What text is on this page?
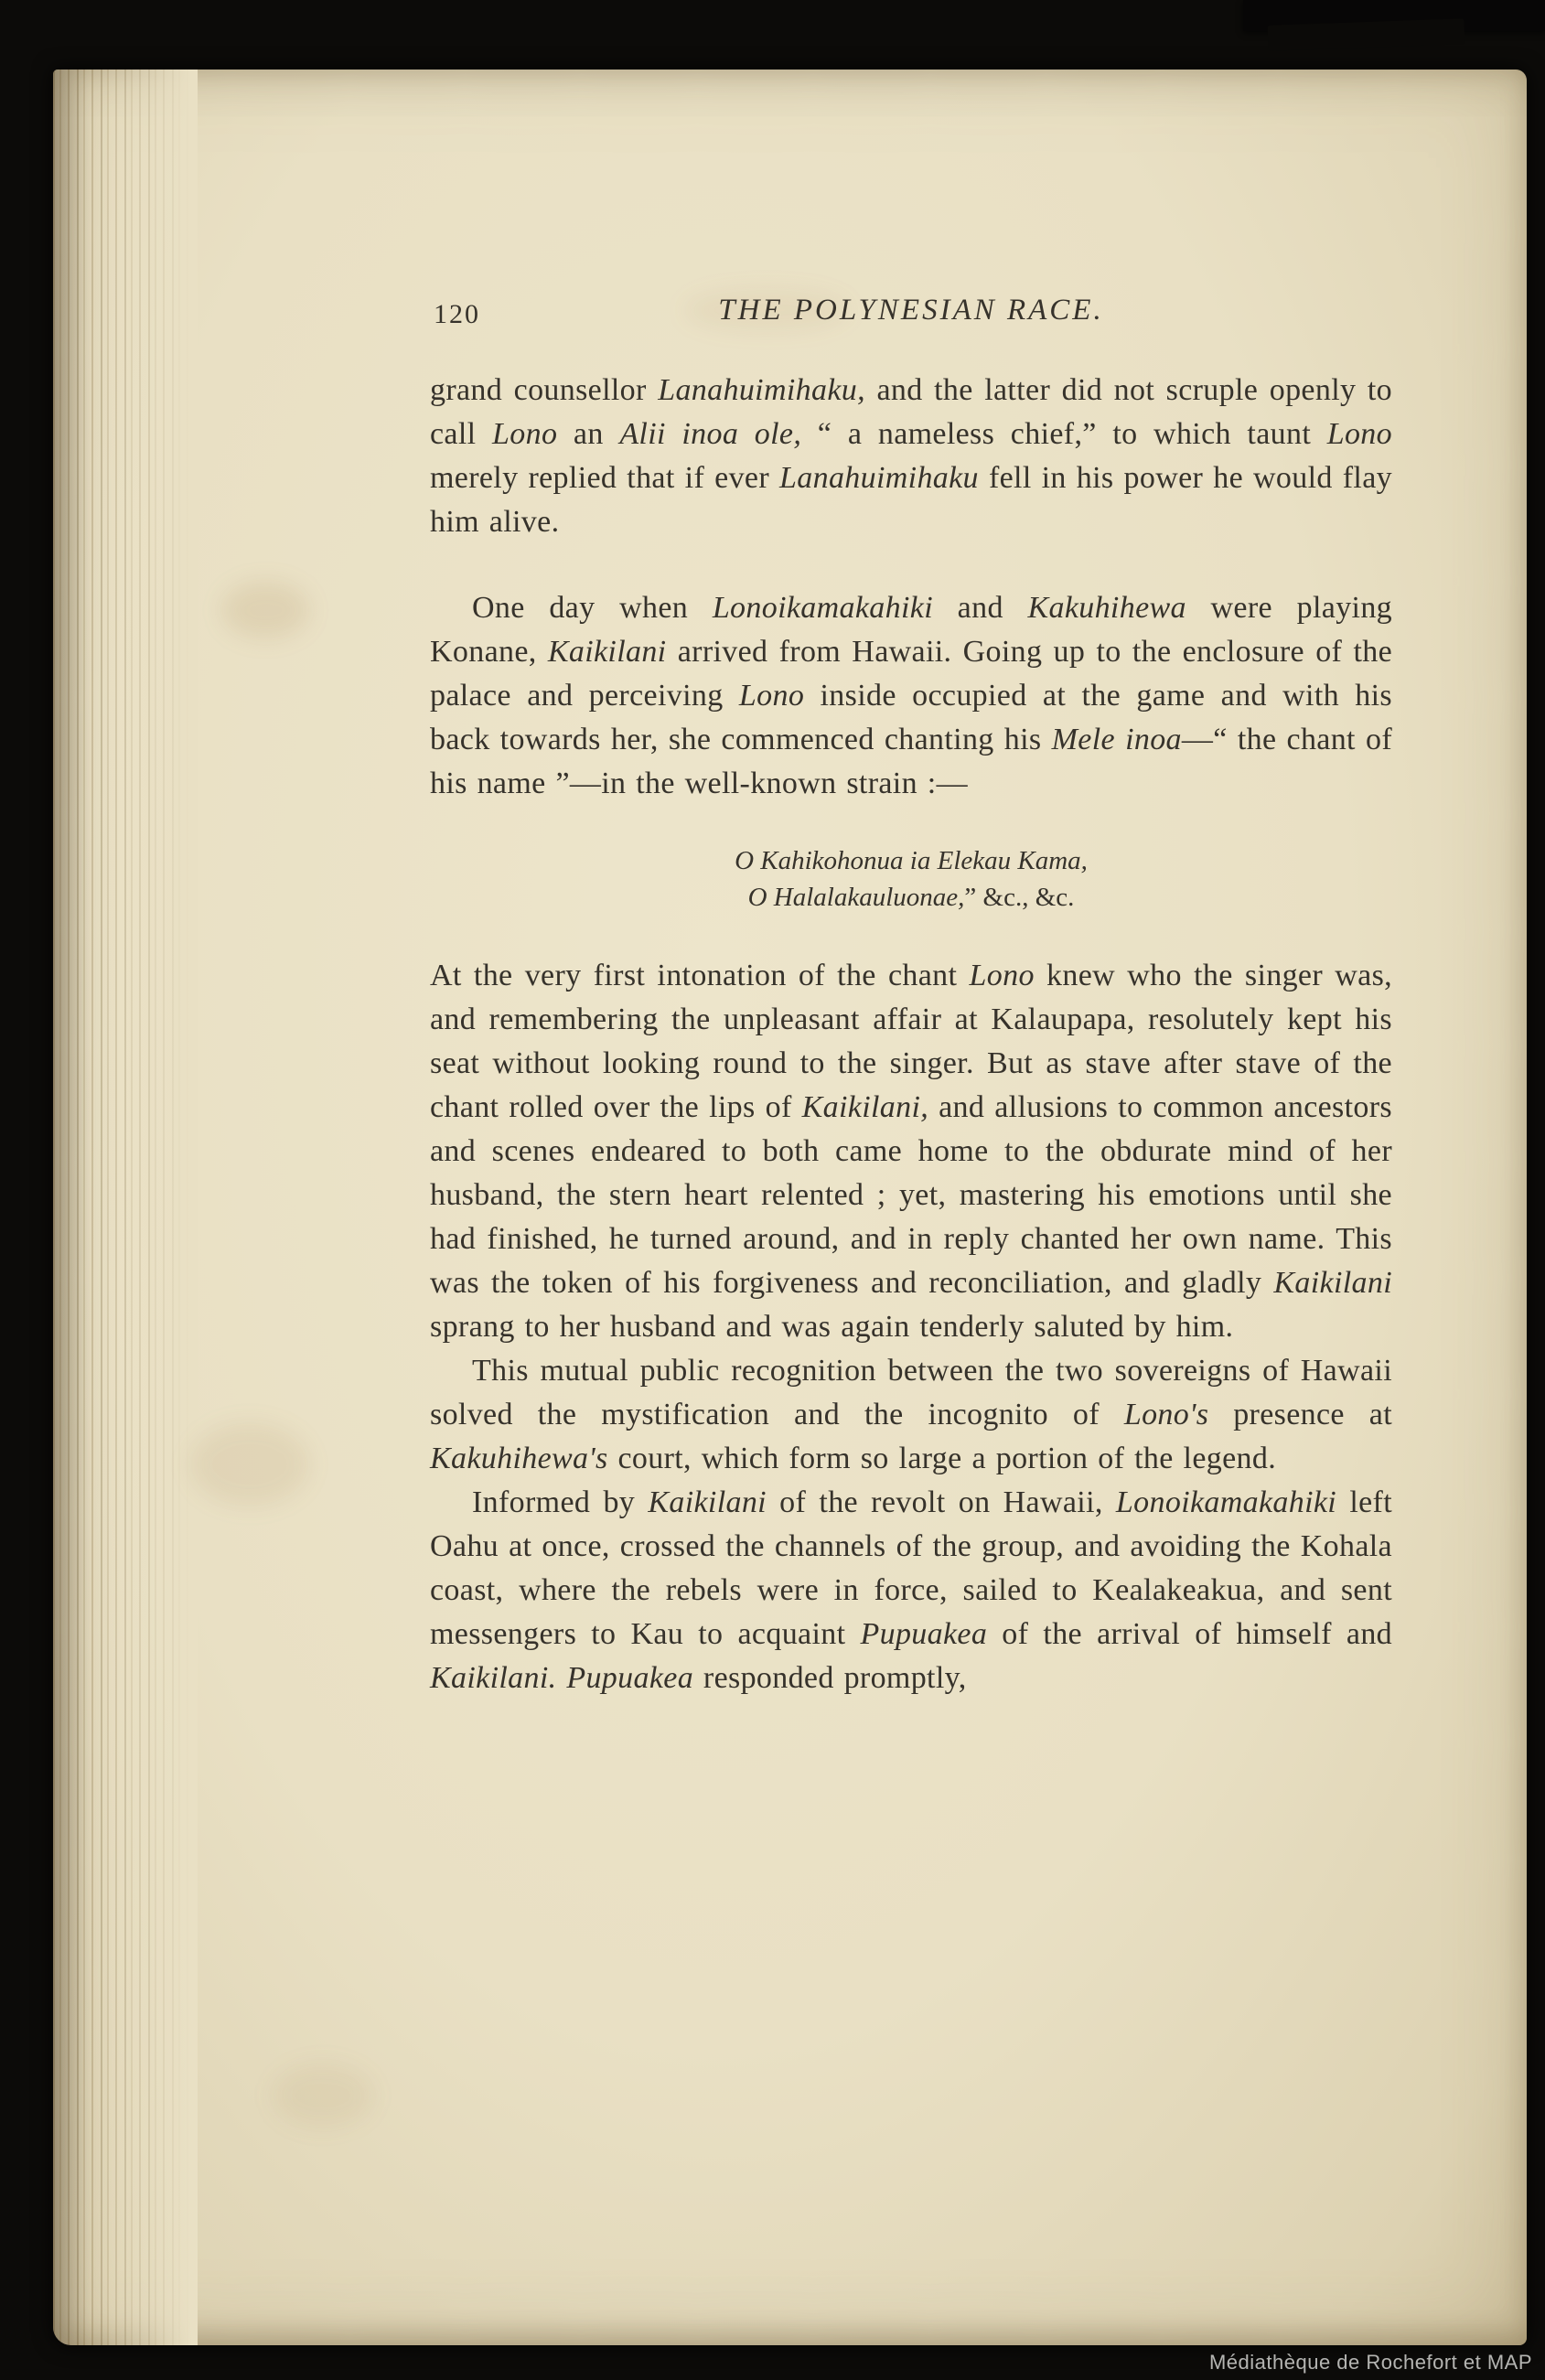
120	THE POLYNESIAN RACE.

grand counsellor Lanahuimihaku, and the latter did not scruple openly to call Lono an Alii inoa ole, “ a nameless chief,” to which taunt Lono merely replied that if ever Lanahuimihaku fell in his power he would flay him alive.

One day when Lonoikamakahiki and Kakuhihewa were playing Konane, Kaikilani arrived from Hawaii. Going up to the enclosure of the palace and perceiving Lono inside occupied at the game and with his back towards her, she commenced chanting his Mele inoa—“ the chant of his name ”—in the well-known strain :—

O Kahikohonua ia Elekau Kama,

O Halalakauluonae,” &c., &c.

At the very first intonation of the chant Lono knew who the singer was, and remembering the unpleasant affair at Kalaupapa, resolutely kept his seat without looking round to the singer. But as stave after stave of the chant rolled over the lips of Kaikilani, and allusions to common ancestors and scenes endeared to both came home to the obdurate mind of her husband, the stern heart relented ; yet, mastering his emotions until she had finished, he turned around, and in reply chanted her own name. This was the token of his forgiveness and reconciliation, and gladly Kaikilani sprang to her husband and was again tenderly saluted by him.

This mutual public recognition between the two sovereigns of Hawaii solved the mystification and the incognito of Lono's presence at Kakuhihewa's court, which form so large a portion of the legend.

Informed by Kaikilani of the revolt on Hawaii, Lonoikamakahiki left Oahu at once, crossed the channels of the group, and avoiding the Kohala coast, where the rebels were in force, sailed to Kealakeakua, and sent messengers to Kau to acquaint Pupuakea of the arrival of himself and Kaikilani. Pupuakea responded promptly,

Médiathèque de Rochefort et MAP
